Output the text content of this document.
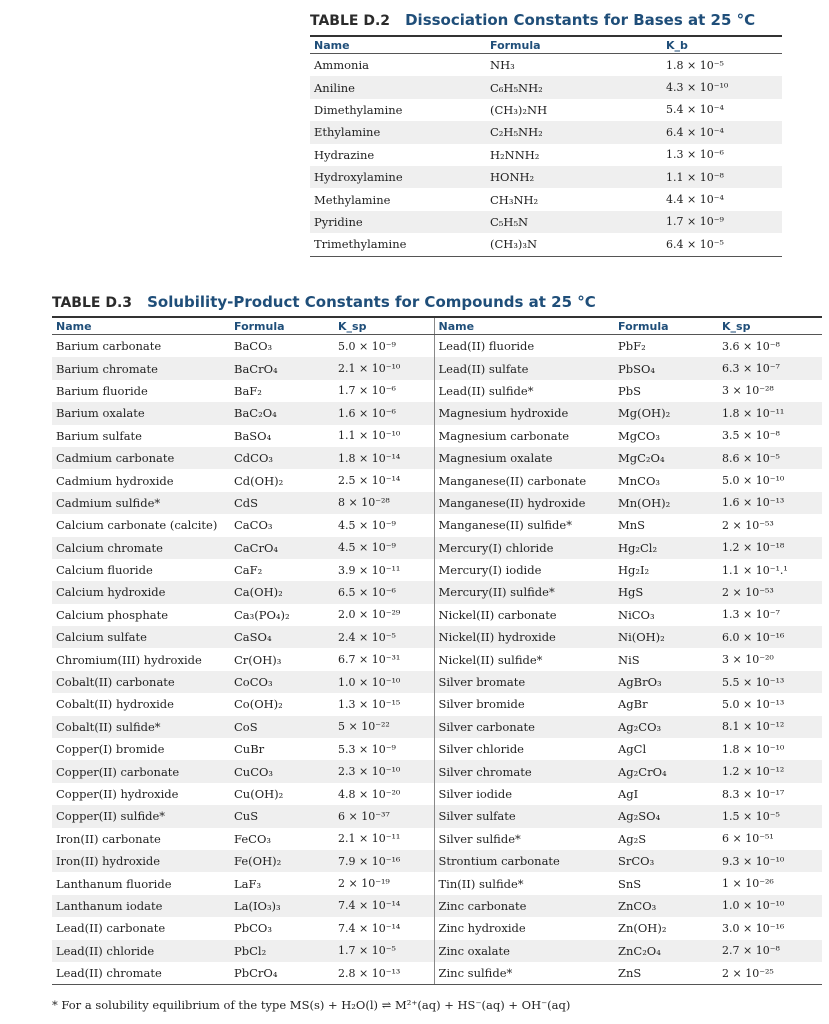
TABLE D.2 Dissociation Constants for Bases at 25 °C
Name	Formula	K_b
Ammonia	NH₃	1.8 × 10⁻⁵
Aniline	C₆H₅NH₂	4.3 × 10⁻¹⁰
Dimethylamine	(CH₃)₂NH	5.4 × 10⁻⁴
Ethylamine	C₂H₅NH₂	6.4 × 10⁻⁴
Hydrazine	H₂NNH₂	1.3 × 10⁻⁶
Hydroxylamine	HONH₂	1.1 × 10⁻⁸
Methylamine	CH₃NH₂	4.4 × 10⁻⁴
Pyridine	C₅H₅N	1.7 × 10⁻⁹
Trimethylamine	(CH₃)₃N	6.4 × 10⁻⁵
TABLE D.3 Solubility-Product Constants for Compounds at 25 °C
Name	Formula	K_sp	Name	Formula	K_sp
Barium carbonate	BaCO₃	5.0 × 10⁻⁹	Lead(II) fluoride	PbF₂	3.6 × 10⁻⁸
Barium chromate	BaCrO₄	2.1 × 10⁻¹⁰	Lead(II) sulfate	PbSO₄	6.3 × 10⁻⁷
Barium fluoride	BaF₂	1.7 × 10⁻⁶	Lead(II) sulfide*	PbS	3 × 10⁻²⁸
Barium oxalate	BaC₂O₄	1.6 × 10⁻⁶	Magnesium hydroxide	Mg(OH)₂	1.8 × 10⁻¹¹
Barium sulfate	BaSO₄	1.1 × 10⁻¹⁰	Magnesium carbonate	MgCO₃	3.5 × 10⁻⁸
Cadmium carbonate	CdCO₃	1.8 × 10⁻¹⁴	Magnesium oxalate	MgC₂O₄	8.6 × 10⁻⁵
Cadmium hydroxide	Cd(OH)₂	2.5 × 10⁻¹⁴	Manganese(II) carbonate	MnCO₃	5.0 × 10⁻¹⁰
Cadmium sulfide*	CdS	8 × 10⁻²⁸	Manganese(II) hydroxide	Mn(OH)₂	1.6 × 10⁻¹³
Calcium carbonate (calcite)	CaCO₃	4.5 × 10⁻⁹	Manganese(II) sulfide*	MnS	2 × 10⁻⁵³
Calcium chromate	CaCrO₄	4.5 × 10⁻⁹	Mercury(I) chloride	Hg₂Cl₂	1.2 × 10⁻¹⁸
Calcium fluoride	CaF₂	3.9 × 10⁻¹¹	Mercury(I) iodide	Hg₂I₂	1.1 × 10⁻¹.¹
Calcium hydroxide	Ca(OH)₂	6.5 × 10⁻⁶	Mercury(II) sulfide*	HgS	2 × 10⁻⁵³
Calcium phosphate	Ca₃(PO₄)₂	2.0 × 10⁻²⁹	Nickel(II) carbonate	NiCO₃	1.3 × 10⁻⁷
Calcium sulfate	CaSO₄	2.4 × 10⁻⁵	Nickel(II) hydroxide	Ni(OH)₂	6.0 × 10⁻¹⁶
Chromium(III) hydroxide	Cr(OH)₃	6.7 × 10⁻³¹	Nickel(II) sulfide*	NiS	3 × 10⁻²⁰
Cobalt(II) carbonate	CoCO₃	1.0 × 10⁻¹⁰	Silver bromate	AgBrO₃	5.5 × 10⁻¹³
Cobalt(II) hydroxide	Co(OH)₂	1.3 × 10⁻¹⁵	Silver bromide	AgBr	5.0 × 10⁻¹³
Cobalt(II) sulfide*	CoS	5 × 10⁻²²	Silver carbonate	Ag₂CO₃	8.1 × 10⁻¹²
Copper(I) bromide	CuBr	5.3 × 10⁻⁹	Silver chloride	AgCl	1.8 × 10⁻¹⁰
Copper(II) carbonate	CuCO₃	2.3 × 10⁻¹⁰	Silver chromate	Ag₂CrO₄	1.2 × 10⁻¹²
Copper(II) hydroxide	Cu(OH)₂	4.8 × 10⁻²⁰	Silver iodide	AgI	8.3 × 10⁻¹⁷
Copper(II) sulfide*	CuS	6 × 10⁻³⁷	Silver sulfate	Ag₂SO₄	1.5 × 10⁻⁵
Iron(II) carbonate	FeCO₃	2.1 × 10⁻¹¹	Silver sulfide*	Ag₂S	6 × 10⁻⁵¹
Iron(II) hydroxide	Fe(OH)₂	7.9 × 10⁻¹⁶	Strontium carbonate	SrCO₃	9.3 × 10⁻¹⁰
Lanthanum fluoride	LaF₃	2 × 10⁻¹⁹	Tin(II) sulfide*	SnS	1 × 10⁻²⁶
Lanthanum iodate	La(IO₃)₃	7.4 × 10⁻¹⁴	Zinc carbonate	ZnCO₃	1.0 × 10⁻¹⁰
Lead(II) carbonate	PbCO₃	7.4 × 10⁻¹⁴	Zinc hydroxide	Zn(OH)₂	3.0 × 10⁻¹⁶
Lead(II) chloride	PbCl₂	1.7 × 10⁻⁵	Zinc oxalate	ZnC₂O₄	2.7 × 10⁻⁸
Lead(II) chromate	PbCrO₄	2.8 × 10⁻¹³	Zinc sulfide*	ZnS	2 × 10⁻²⁵
* For a solubility equilibrium of the type MS(s) + H₂O(l) ⇌ M²⁺(aq) + HS⁻(aq) + OH⁻(aq)
